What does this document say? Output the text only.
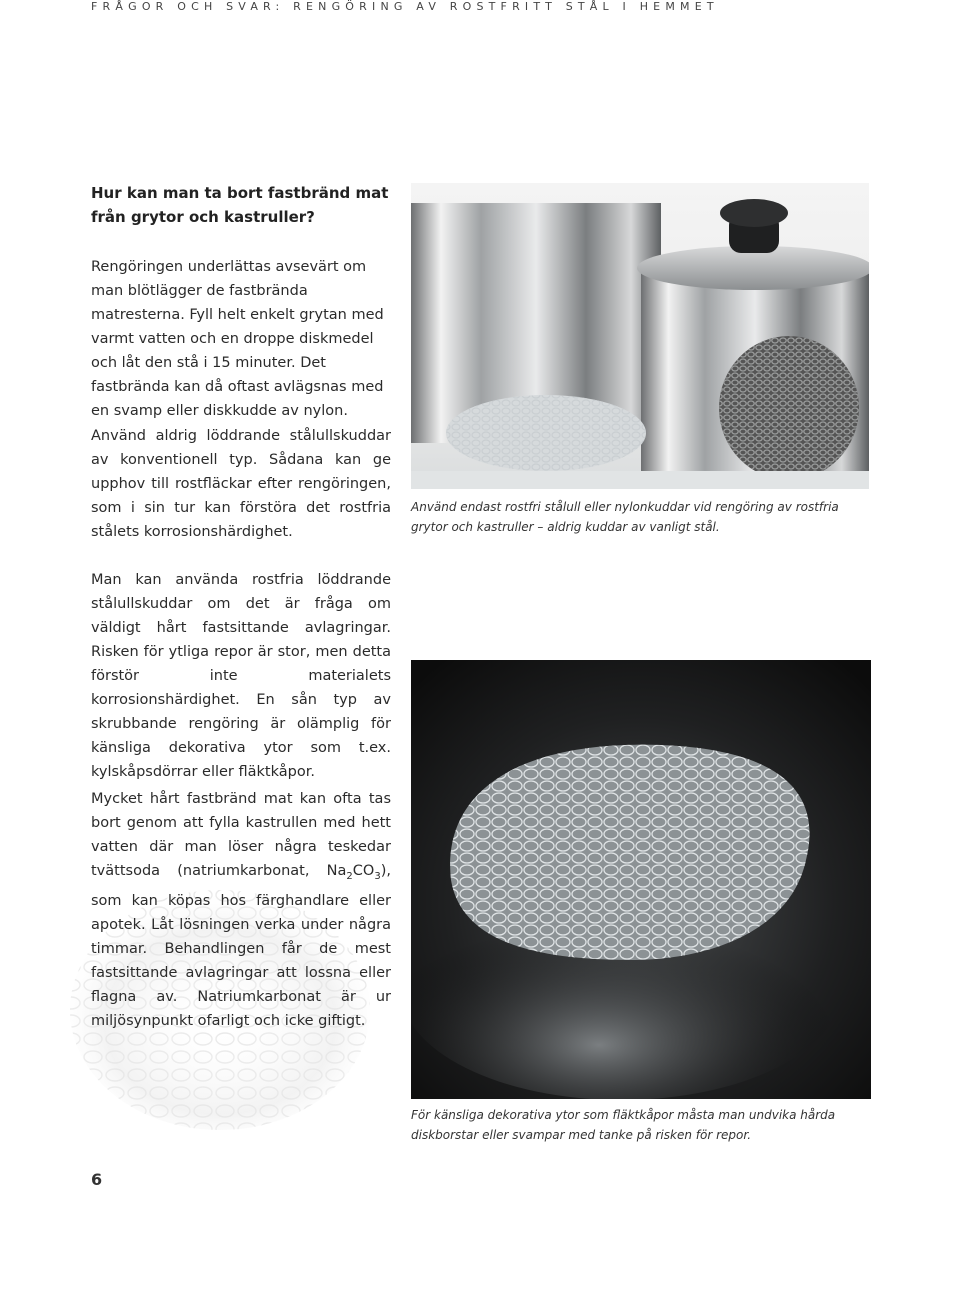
FRÅGOR OCH SVAR: RENGÖRING AV ROSTFRITT STÅL I HEMMET
Hur kan man ta bort fastbränd mat från grytor och kastruller?
Rengöringen underlättas avsevärt om man blötlägger de fastbrända matresterna. Fyll helt enkelt grytan med varmt vatten och en droppe diskmedel och låt den stå i 15 minuter. Det fastbrända kan då oftast avlägsnas med en svamp eller diskkudde av nylon.
Använd aldrig löddrande stålullskuddar av konventionell typ. Sådana kan ge upphov till rostfläckar efter rengöringen, som i sin tur kan förstöra det rostfria stålets korrosionshärdighet.
Man kan använda rostfria löddrande stålullskuddar om det är fråga om väldigt hårt fastsittande avlagringar. Risken för ytliga repor är stor, men detta förstör inte materialets korrosionshärdighet. En sån typ av skrubbande rengöring är olämplig för känsliga dekorativa ytor som t.ex. kylskåpsdörrar eller fläktkåpor.
Mycket hårt fastbränd mat kan ofta tas bort genom att fylla kastrullen med hett vatten där man löser några teskedar tvättsoda (natriumkarbonat, $Na_2CO_3$), som kan köpas hos färghandlare eller apotek. Låt lösningen verka under några timmar. Behandlingen får de mest fastsittande avlagringar att lossna eller flagna av. Natriumkarbonat är ur miljösynpunkt ofarligt och icke giftigt.
Använd endast rostfri stålull eller nylonkuddar vid rengöring av rostfria grytor och kastruller – aldrig kuddar av vanligt stål.
För känsliga dekorativa ytor som fläktkåpor måsta man undvika hårda diskborstar eller svampar med tanke på risken för repor.
6
